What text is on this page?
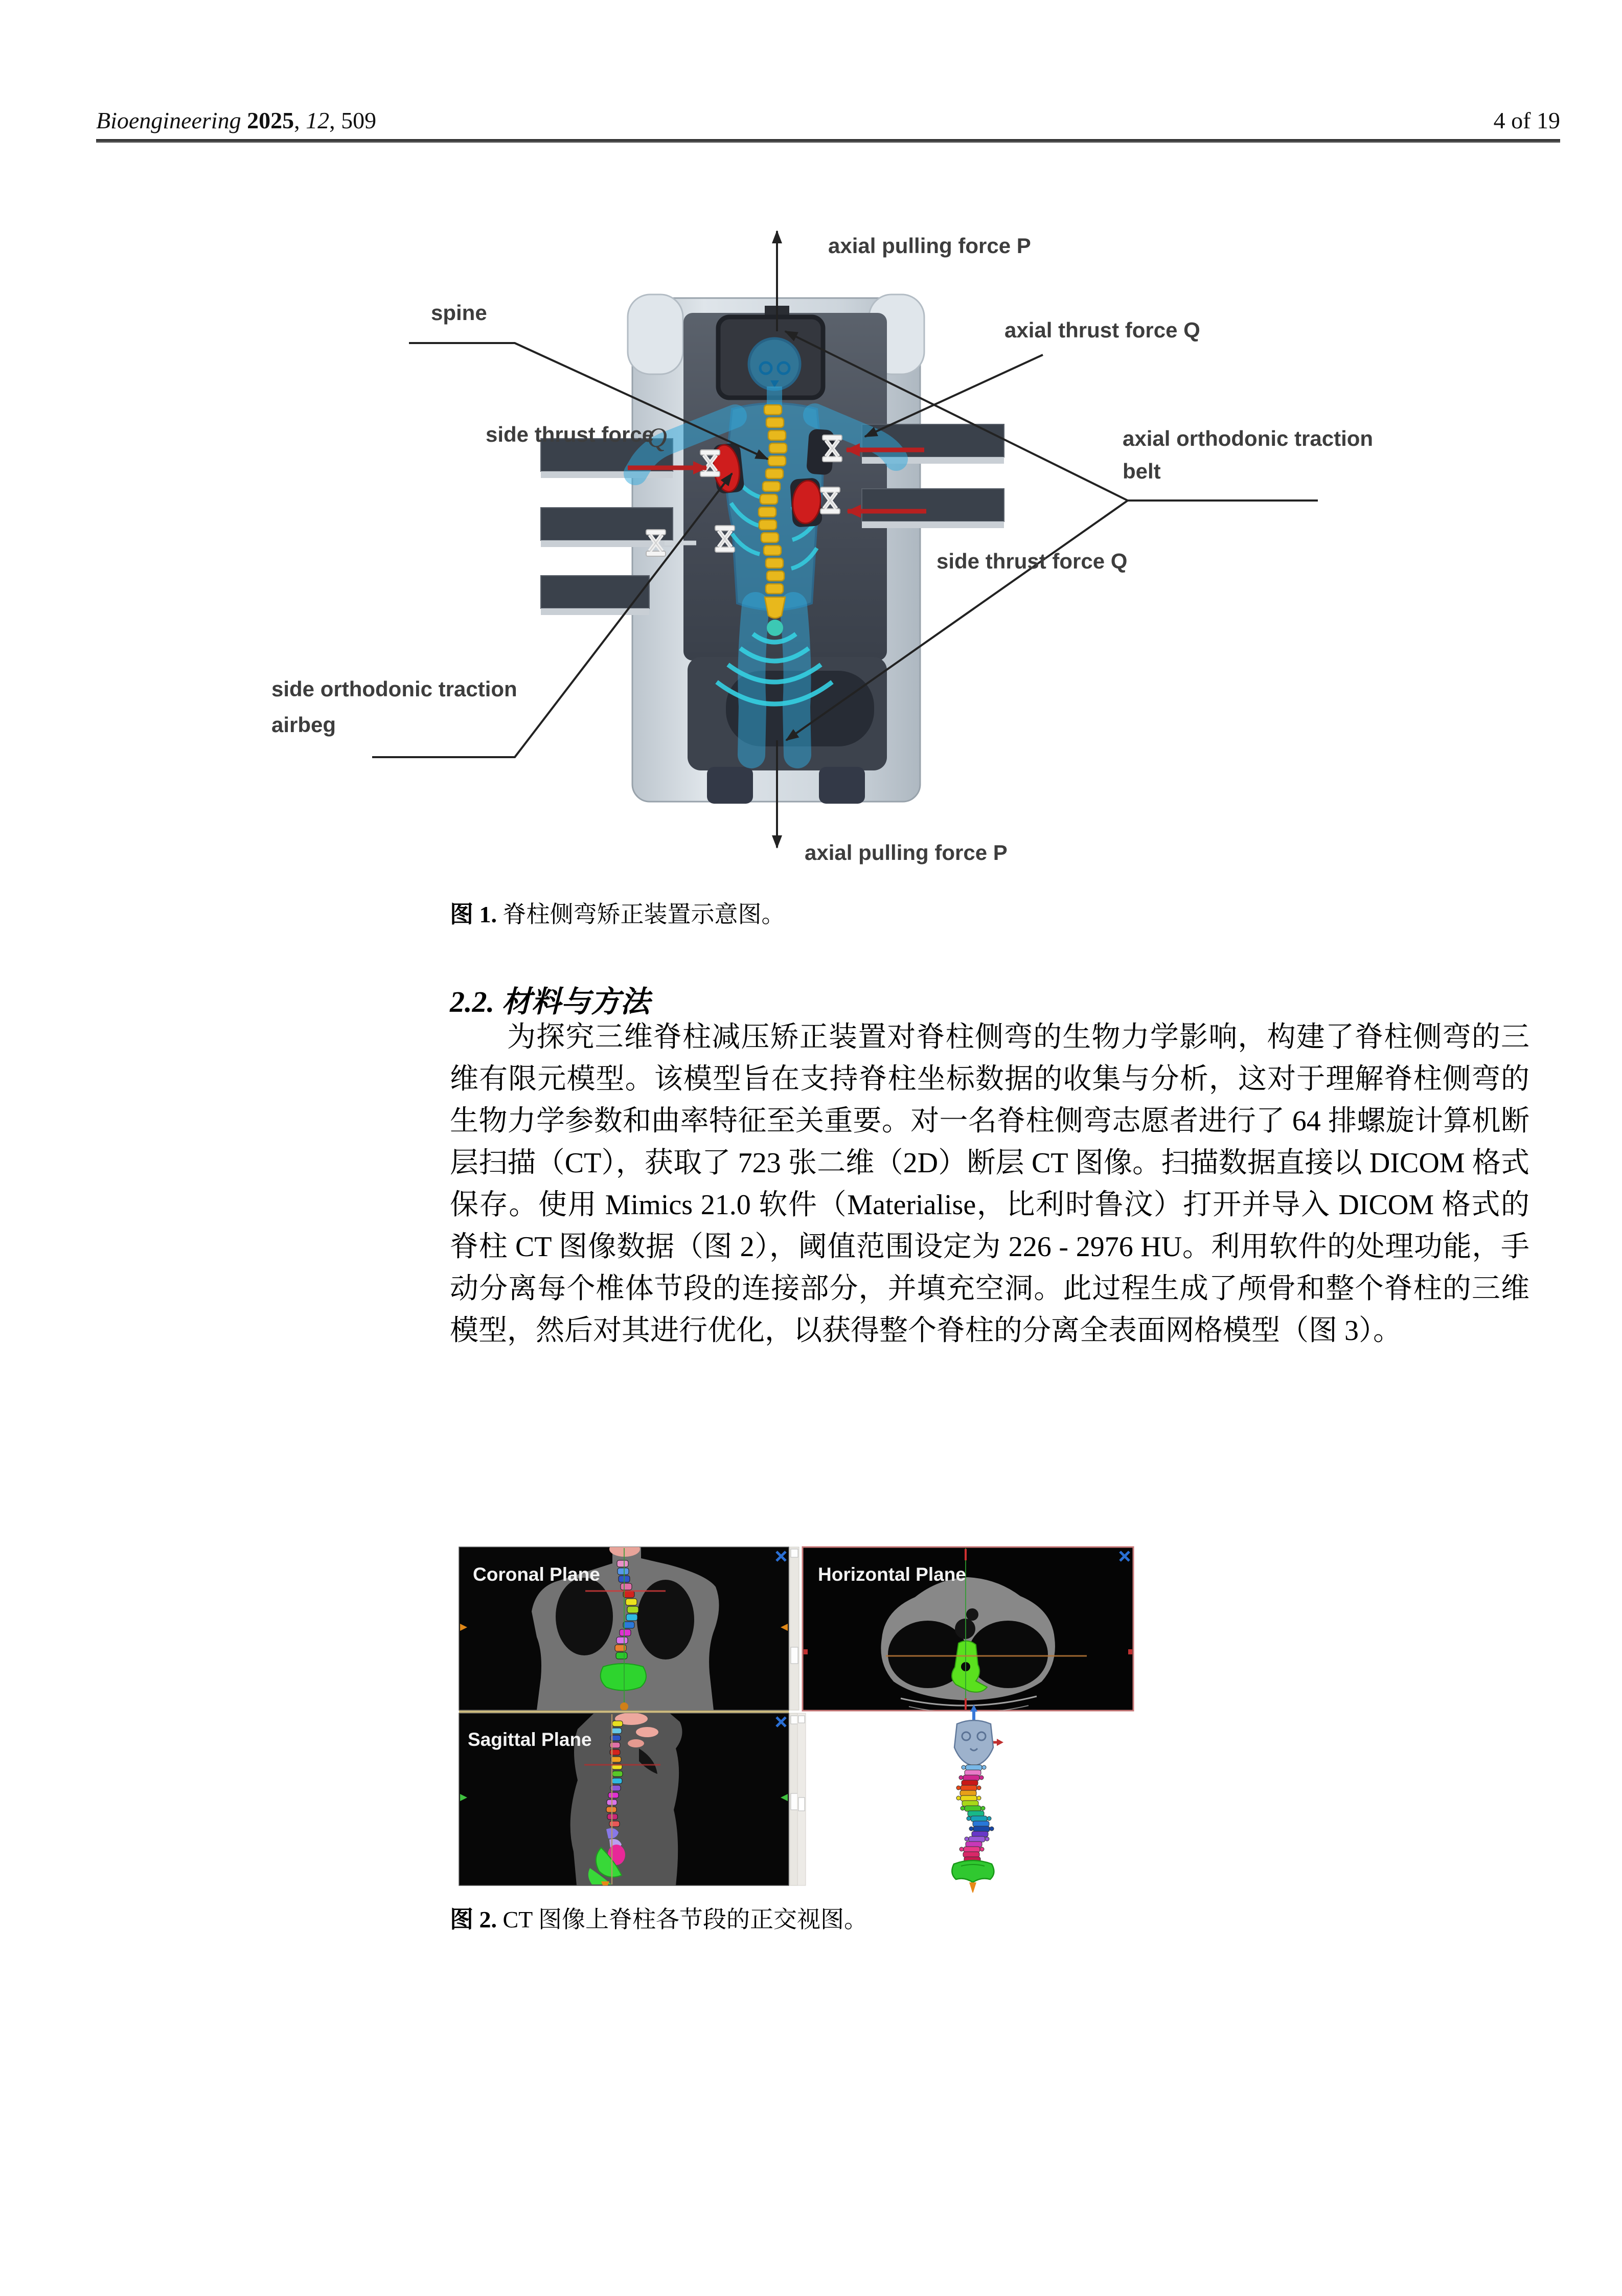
Bioengineering 2025, 12, 509	4 of 19
axial pulling force P
spine
axial thrust force Q
side thrust force
Q	axial orthodonic traction
belt
side thrust force Q
side orthodonic traction
airbeg
axial pulling force P
图 1. 脊柱侧弯矫正装置示意图。
2.2. 材料与方法
为探究三维脊柱减压矫正装置对脊柱侧弯的生物力学影响，构建了脊柱侧弯的三维有限元模型。该模型旨在支持脊柱坐标数据的收集与分析，这对于理解脊柱侧弯的生物力学参数和曲率特征至关重要。对一名脊柱侧弯志愿者进行了 64 排螺旋计算机断层扫描（CT），获取了 723 张二维（2D）断层 CT 图像。扫描数据直接以 DICOM 格式保存。使用 Mimics 21.0 软件（Materialise，比利时鲁汶）打开并导入 DICOM 格式的脊柱 CT 图像数据（图 2），阈值范围设定为 226 - 2976 HU。利用软件的处理功能，手动分离每个椎体节段的连接部分，并填充空洞。此过程生成了颅骨和整个脊柱的三维模型，然后对其进行优化，以获得整个脊柱的分离全表面网格模型（图 3）。
Coronal Plane	Horizontal Plane
Sagittal Plane
图 2. CT 图像上脊柱各节段的正交视图。
